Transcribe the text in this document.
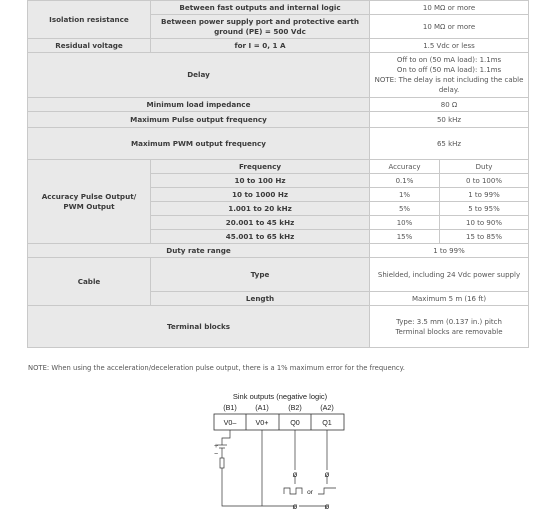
Isolation resistance	Between fast outputs and internal logic	10 MΩ or more	
	Between power supply port and protective earth ground (PE) = 500 Vdc	10 MΩ or more	
Residual voltage	for I = 0, 1 A	1.5 Vdc or less	
Delay		Off to on (50 mA load): 1.1ms
On to off (50 mA load): 1.1ms
NOTE: The delay is not including the cable delay.	
Minimum load impedance		80 Ω	
Maximum Pulse output frequency		50 kHz	
Maximum PWM output frequency		65 kHz	
Accuracy Pulse Output/ PWM Output	Frequency	Accuracy	Duty
	10 to 100 Hz	0.1%	0 to 100%
	10 to 1000 Hz	1%	1 to 99%
	1.001 to 20 kHz	5%	5 to 95%
	20.001 to 45 kHz	10%	10 to 90%
	45.001 to 65 kHz	15%	15 to 85%
Duty rate range		1 to 99%	
Cable	Type	Shielded, including 24 Vdc power supply	
	Length	Maximum 5 m (16 ft)	
Terminal blocks		Type: 3.5 mm (0.137 in.) pitch
Terminal blocks are removable	
NOTE: When using the acceleration/deceleration pulse output, there is a 1% maximum error for the frequency.
Sink outputs (negative logic)
(B1)	(A1)	(B2)	(A2)
V0–	V0+	Q0	Q1
+
−
ø	ø
ø	ø
or
